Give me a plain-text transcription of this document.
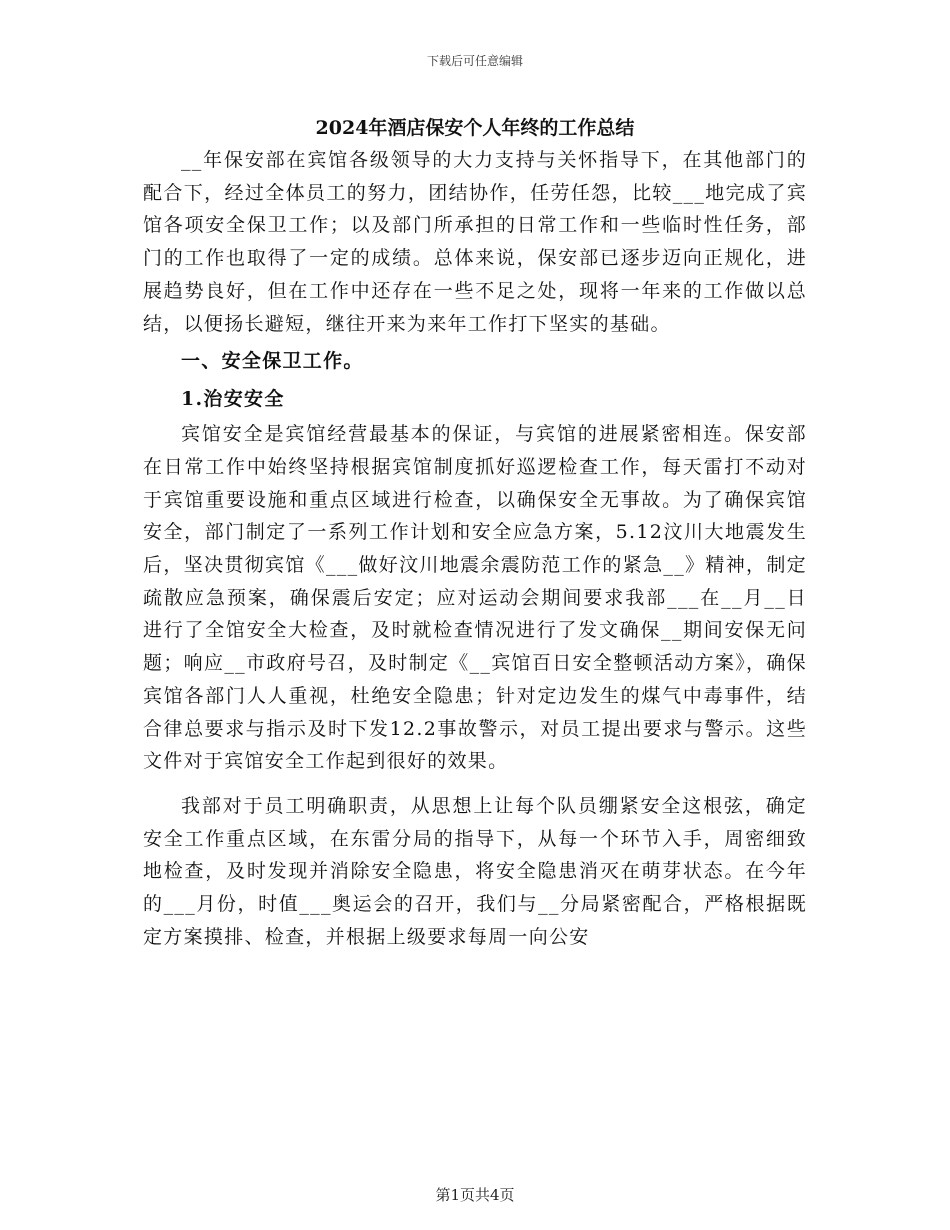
下载后可任意编辑

2024年酒店保安个人年终的工作总结

__年保安部在宾馆各级领导的大力支持与关怀指导下，在其他部门的配合下，经过全体员工的努力，团结协作，任劳任怨，比较___地完成了宾馆各项安全保卫工作；以及部门所承担的日常工作和一些临时性任务，部门的工作也取得了一定的成绩。总体来说，保安部已逐步迈向正规化，进展趋势良好，但在工作中还存在一些不足之处，现将一年来的工作做以总结，以便扬长避短，继往开来为来年工作打下坚实的基础。

一、安全保卫工作。

1.治安安全

宾馆安全是宾馆经营最基本的保证，与宾馆的进展紧密相连。保安部在日常工作中始终坚持根据宾馆制度抓好巡逻检查工作，每天雷打不动对于宾馆重要设施和重点区域进行检查，以确保安全无事故。为了确保宾馆安全，部门制定了一系列工作计划和安全应急方案，5.12汶川大地震发生后，坚决贯彻宾馆《___做好汶川地震余震防范工作的紧急__》精神，制定疏散应急预案，确保震后安定；应对运动会期间要求我部___在__月__日进行了全馆安全大检查，及时就检查情况进行了发文确保__期间安保无问题；响应__市政府号召，及时制定《__宾馆百日安全整顿活动方案》，确保宾馆各部门人人重视，杜绝安全隐患；针对定边发生的煤气中毒事件，结合律总要求与指示及时下发12.2事故警示，对员工提出要求与警示。这些文件对于宾馆安全工作起到很好的效果。

我部对于员工明确职责，从思想上让每个队员绷紧安全这根弦，确定安全工作重点区域，在东雷分局的指导下，从每一个环节入手，周密细致地检查，及时发现并消除安全隐患，将安全隐患消灭在萌芽状态。在今年的___月份，时值___奥运会的召开，我们与__分局紧密配合，严格根据既定方案摸排、检查，并根据上级要求每周一向公安

第1页共4页
